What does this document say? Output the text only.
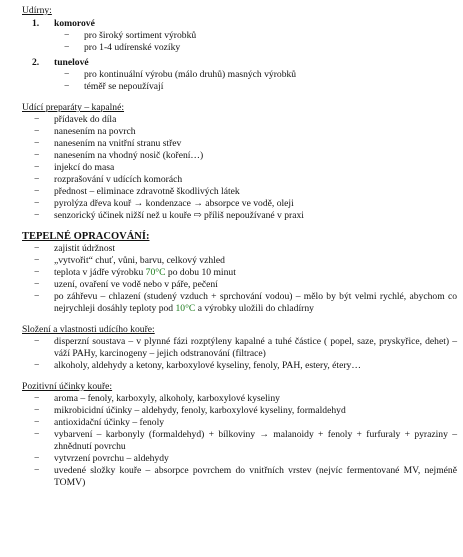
Udírny:
1. komorové
− pro široký sortiment výrobků
− pro 1-4 udírenské vozíky
2. tunelové
− pro kontinuální výrobu (málo druhů) masných výrobků
− téměř se nepoužívají
Udící preparáty – kapalné:
− přídavek do díla
− nanesením na povrch
− nanesením na vnitřní stranu střev
− nanesením na vhodný nosič (koření…)
− injekcí do masa
− rozprašování v udících komorách
− přednost – eliminace zdravotně škodlivých látek
− pyrolýza dřeva kouř → kondenzace → absorpce ve vodě, oleji
− senzorický účinek nižší než u kouře ⇨ příliš nepoužívané v praxi
TEPELNÉ OPRACOVÁNÍ:
− zajistit údržnost
− „vytvořit“ chuť, vůni, barvu, celkový vzhled
− teplota v jádře výrobku 70°C po dobu 10 minut
− uzení, ovaření ve vodě nebo v páře, pečení
− po záhřevu – chlazení (studený vzduch + sprchování vodou) – mělo by být velmi rychlé, abychom co nejrychleji dosáhly teploty pod 10°C a výrobky uložili do chladírny
Složení a vlastnosti udícího kouře:
− disperzní soustava – v plynné fázi rozptýleny kapalné a tuhé částice ( popel, saze, pryskyřice, dehet) – váží PAHy, karcinogeny – jejich odstranování (filtrace)
− alkoholy, aldehydy a ketony, karboxylové kyseliny, fenoly, PAH, estery, étery…
Pozitivní účinky kouře:
− aroma – fenoly, karboxyly, alkoholy, karboxylové kyseliny
− mikrobicidní účinky – aldehydy, fenoly, karboxylové kyseliny, formaldehyd
− antioxidační účinky – fenoly
− vybarvení – karbonyly (formaldehyd) + bílkoviny → malanoidy + fenoly + furfuraly + pyraziny – zhnědnutí povrchu
− vytvrzení povrchu – aldehydy
− uvedené složky kouře – absorpce povrchem do vnitřních vrstev (nejvíc fermentované MV, nejméně TOMV)
